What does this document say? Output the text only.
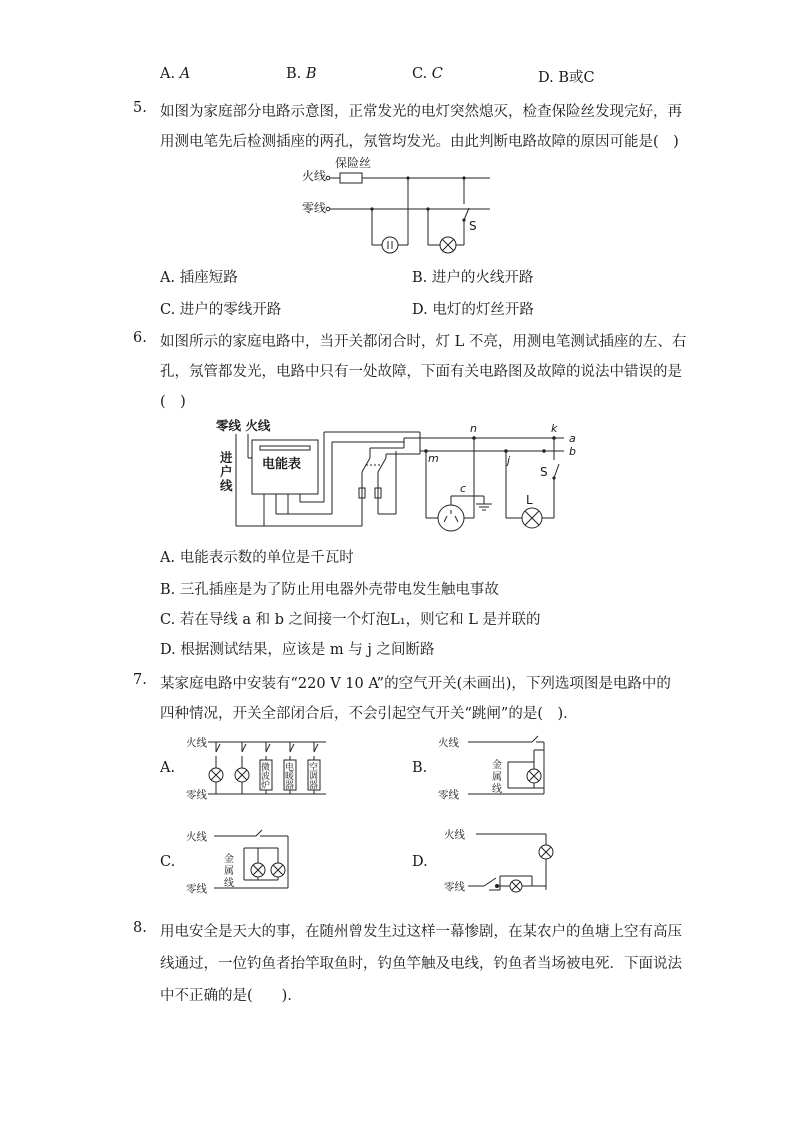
A. A	B. B	C. C	D. B或C
5. 如图为家庭部分电路示意图，正常发光的电灯突然熄灭，检查保险丝发现完好，再
用测电笔先后检测插座的两孔，氖管均发光。由此判断电路故障的原因可能是(　)
火线
保险丝
零线
S
A. 插座短路	B. 进户的火线开路
C. 进户的零线开路	D. 电灯的灯丝开路
6. 如图所示的家庭电路中，当开关都闭合时，灯 L 不亮，用测电笔测试插座的左、右
孔，氖管都发光，电路中只有一处故障，下面有关电路图及故障的说法中错误的是
(　)
零线 火线
进
户
线
电能表
n	k
a
b
m	j
c
S
L
A. 电能表示数的单位是千瓦时
B. 三孔插座是为了防止用电器外壳带电发生触电事故
C. 若在导线 a 和 b 之间接一个灯泡L₁，则它和 L 是并联的
D. 根据测试结果，应该是 m 与 j 之间断路
7. 某家庭电路中安装有“220 V 10 A”的空气开关(未画出)，下列选项图是电路中的
四种情况，开关全部闭合后，不会引起空气开关“跳闸”的是(　)．
A.
火线
零线
微
波
炉
电
暖
器
空
调
器
B.
火线
零线
金
属
线
C.
火线
零线
金
属
线
D.
火线
零线
8. 用电安全是天大的事，在随州曾发生过这样一幕惨剧，在某农户的鱼塘上空有高压
线通过，一位钓鱼者抬竿取鱼时，钓鱼竿触及电线，钓鱼者当场被电死．下面说法
中不正确的是(　　)．
